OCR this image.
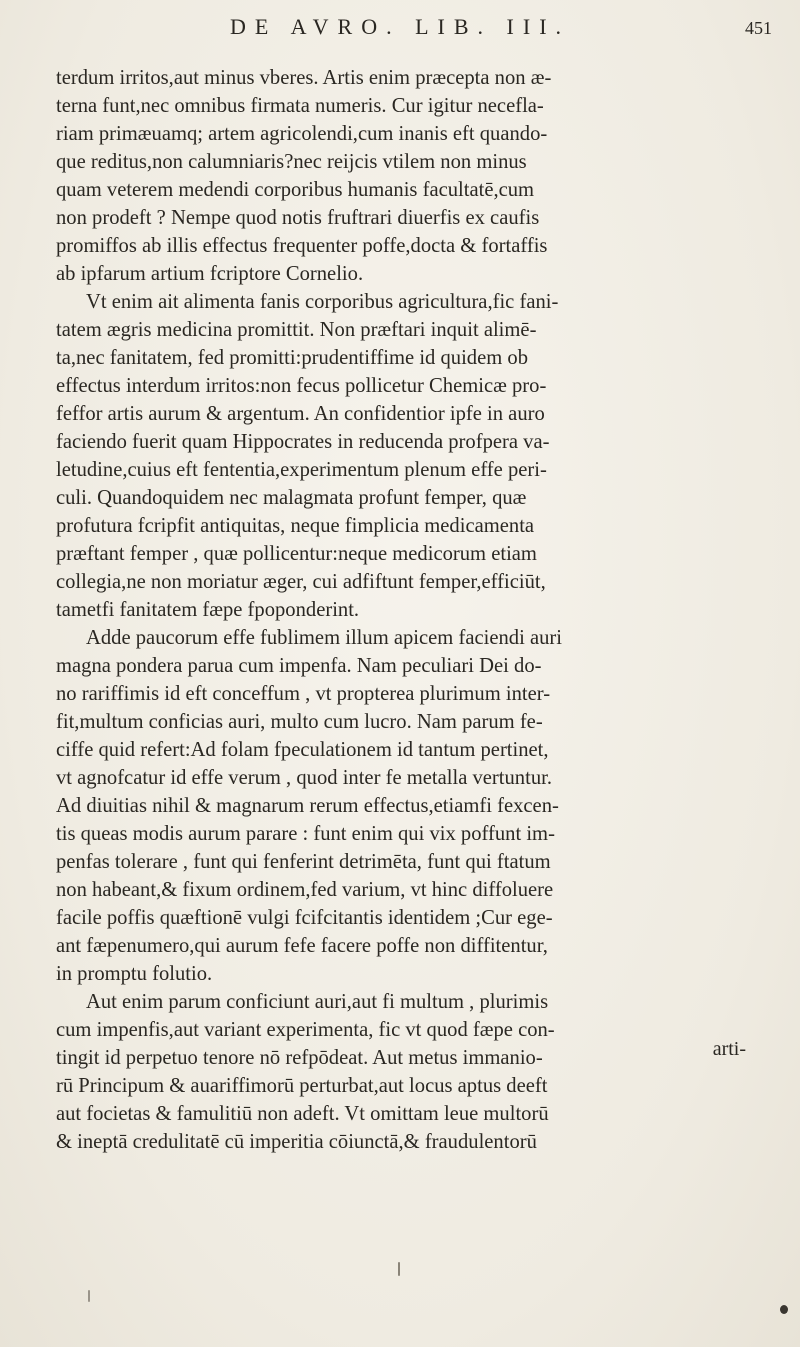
DE AVRO. LIB. III.	451

terdum irritos,aut minus vberes. Artis enim præcepta non æ-
terna funt,nec omnibus firmata numeris. Cur igitur necefla-
riam primæuamq; artem agricolendi,cum inanis eft quando-
que reditus,non calumniaris?nec reijcis vtilem non minus
quam veterem medendi corporibus humanis facultatē,cum
non prodeft ? Nempe quod notis fruftrari diuerfis ex caufis
promiffos ab illis effectus frequenter poffe,docta & fortaffis
ab ipfarum artium fcriptore Cornelio.

Vt enim ait alimenta fanis corporibus agricultura,fic fani-
tatem ægris medicina promittit. Non præftari inquit alimē-
ta,nec fanitatem, fed promitti:prudentiffime id quidem ob
effectus interdum irritos:non fecus pollicetur Chemicæ pro-
feffor artis aurum & argentum. An confidentior ipfe in auro
faciendo fuerit quam Hippocrates in reducenda profpera va-
letudine,cuius eft fententia,experimentum plenum effe peri-
culi. Quandoquidem nec malagmata profunt femper, quæ
profutura fcripfit antiquitas, neque fimplicia medicamenta
præftant femper , quæ pollicentur:neque medicorum etiam
collegia,ne non moriatur æger, cui adfiftunt femper,efficiūt,
tametfi fanitatem fæpe fpoponderint.

Adde paucorum effe fublimem illum apicem faciendi auri
magna pondera parua cum impenfa. Nam peculiari Dei do-
no rariffimis id eft conceffum , vt propterea plurimum inter-
fit,multum conficias auri, multo cum lucro. Nam parum fe-
ciffe quid refert:Ad folam fpeculationem id tantum pertinet,
vt agnofcatur id effe verum , quod inter fe metalla vertuntur.
Ad diuitias nihil & magnarum rerum effectus,etiamfi fexcen-
tis queas modis aurum parare : funt enim qui vix poffunt im-
penfas tolerare , funt qui fenferint detrimēta, funt qui ftatum
non habeant,& fixum ordinem,fed varium, vt hinc diffoluere
facile poffis quæftionē vulgi fcifcitantis identidem ;Cur ege-
ant fæpenumero,qui aurum fefe facere poffe non diffitentur,
in promptu folutio.

Aut enim parum conficiunt auri,aut fi multum , plurimis
cum impenfis,aut variant experimenta, fic vt quod fæpe con-
tingit id perpetuo tenore nō refpōdeat. Aut metus immanio-
rū Principum & auariffimorū perturbat,aut locus aptus deeft
aut focietas & famulitiū non adeft. Vt omittam leue multorū
& ineptā credulitatē cū imperitia cōiunctā,& fraudulentorū

arti-
